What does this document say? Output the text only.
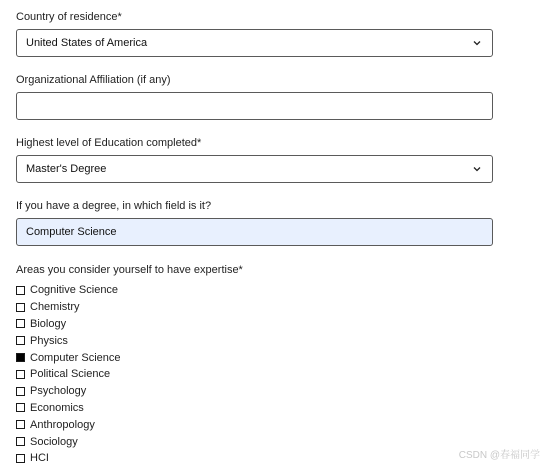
Country of residence*
United States of America
Organizational Affiliation (if any)
Highest level of Education completed*
Master's Degree
If you have a degree, in which field is it?
Computer Science
Areas you consider yourself to have expertise*
Cognitive Science
Chemistry
Biology
Physics
Computer Science
Political Science
Psychology
Economics
Anthropology
Sociology
HCI	CSDN @春福同学
